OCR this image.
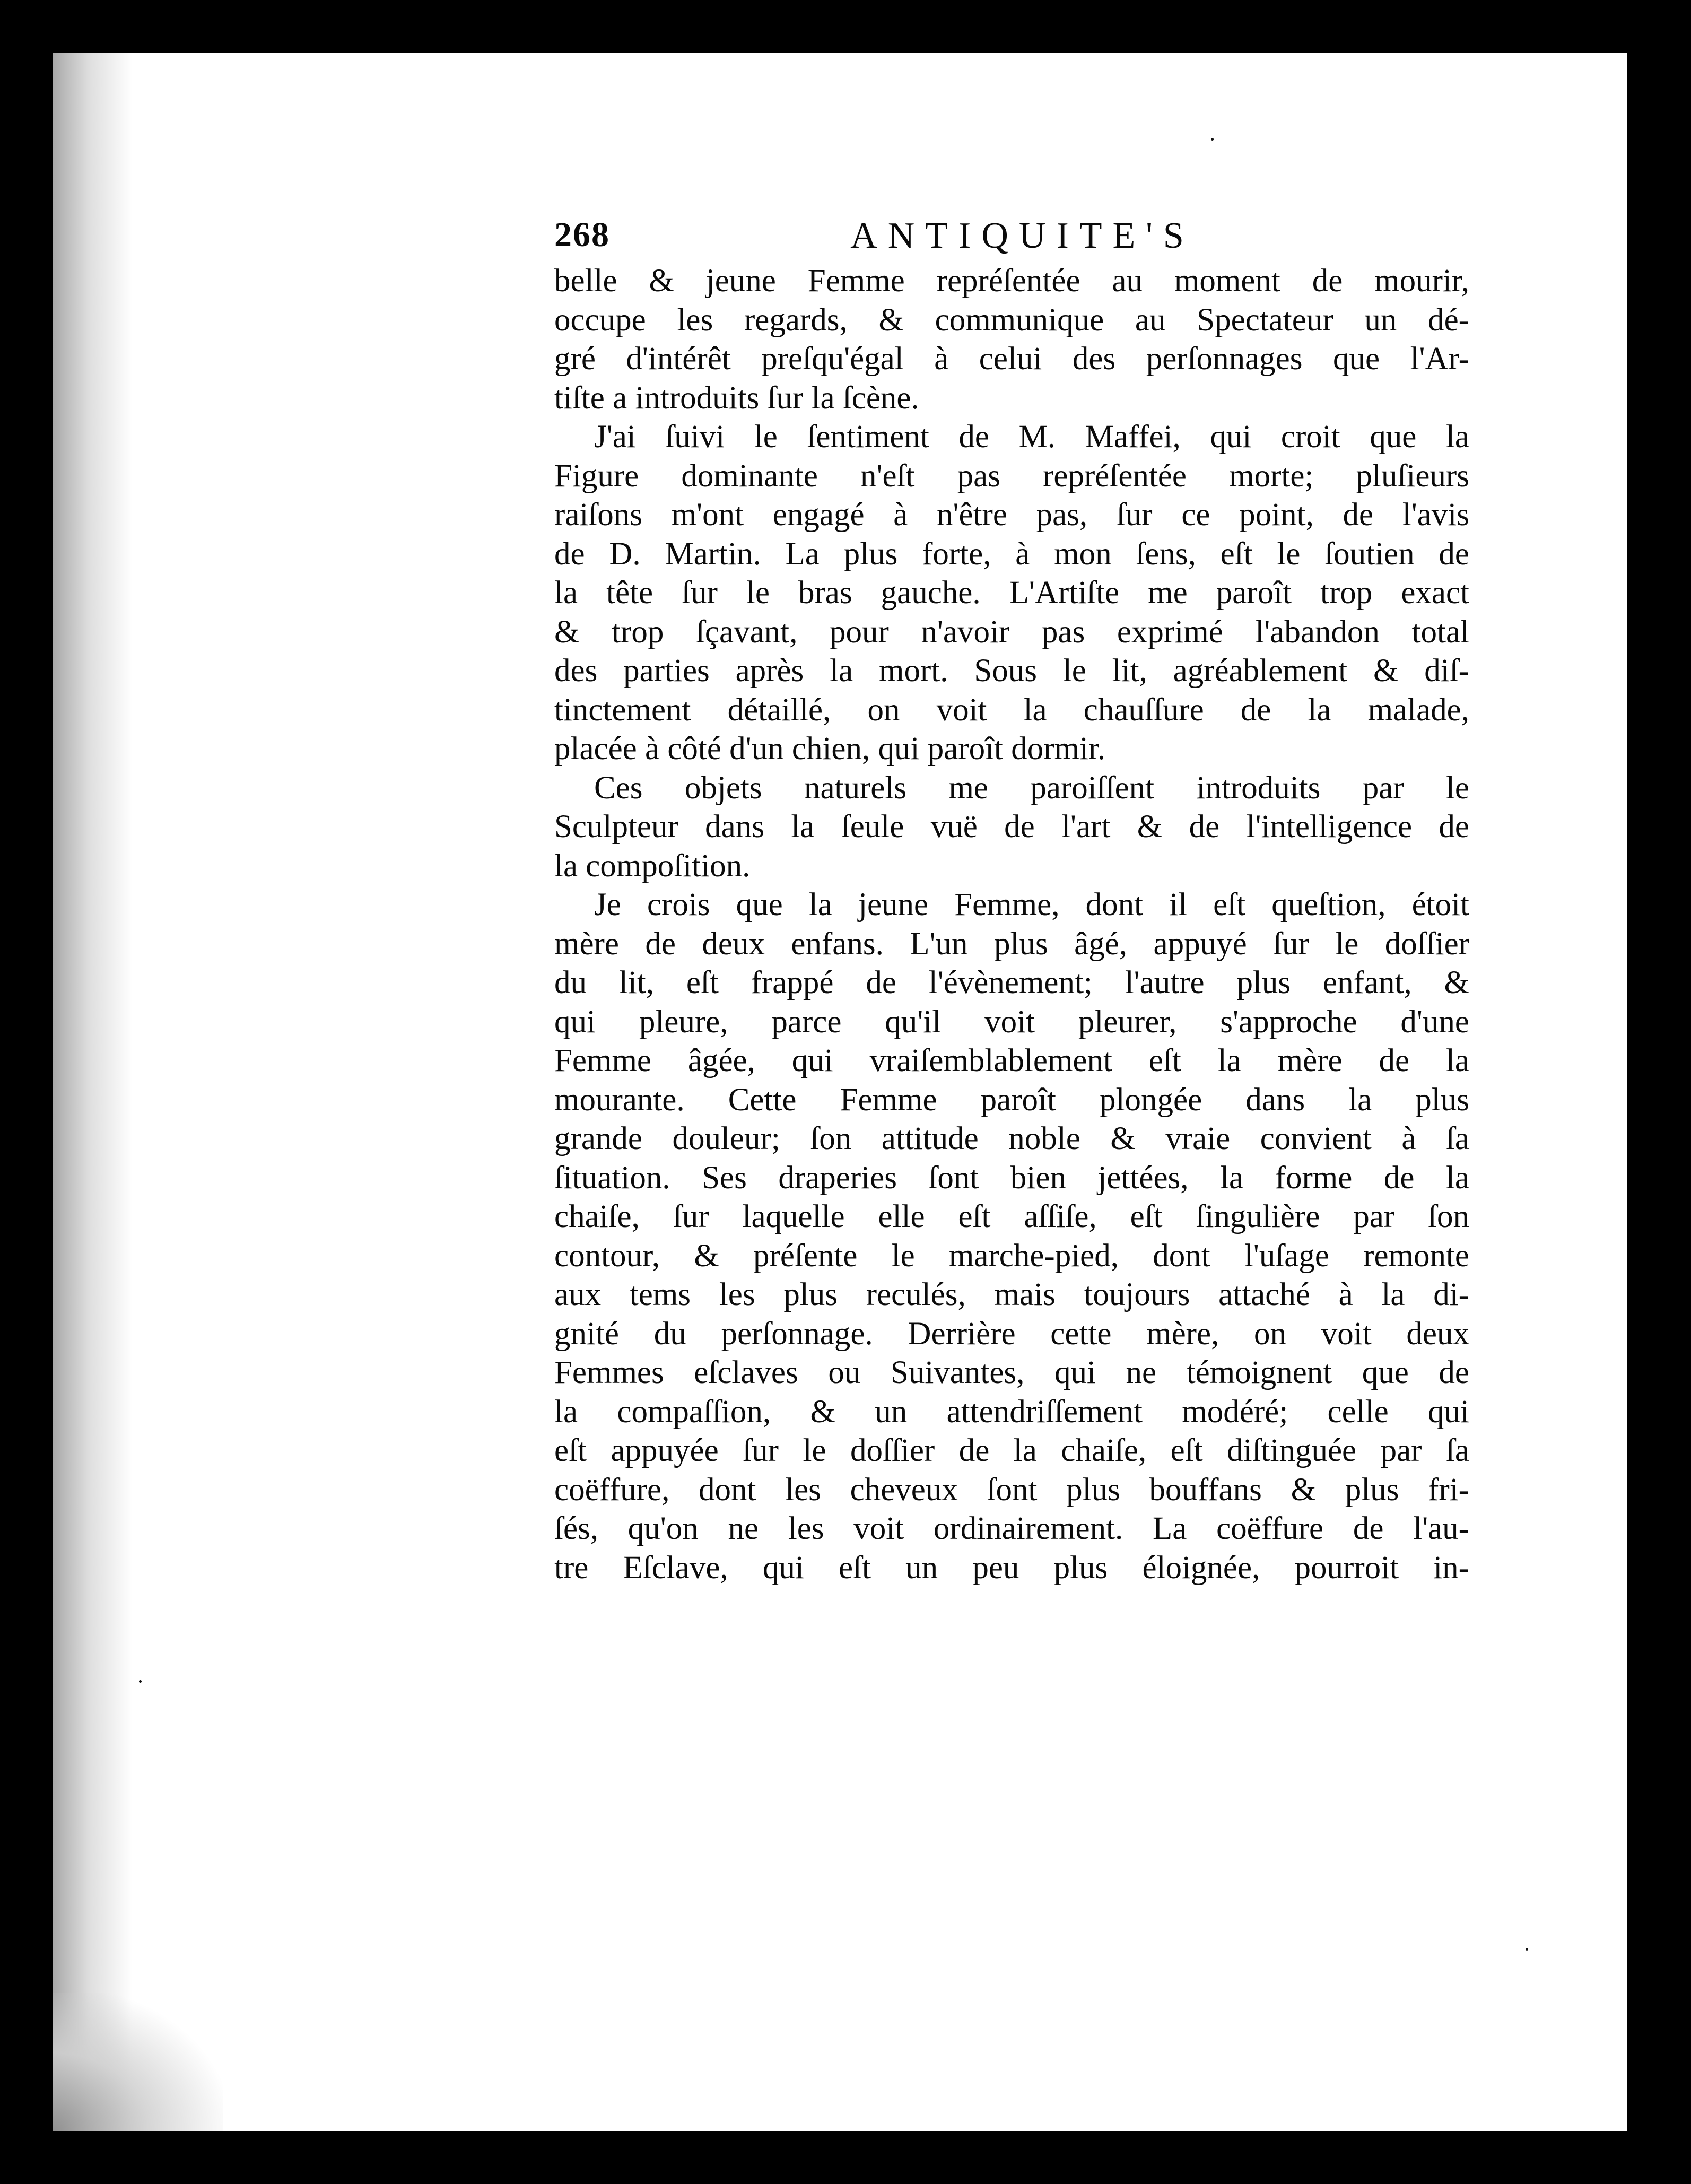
268	ANTIQUITE'S
belle & jeune Femme repréſentée au moment de mourir,
occupe les regards, & communique au Spectateur un dé-
gré d'intérêt preſqu'égal à celui des perſonnages que l'Ar-
tiſte a introduits ſur la ſcène.
J'ai ſuivi le ſentiment de M. Maffei, qui croit que la
Figure dominante n'eſt pas repréſentée morte; pluſieurs
raiſons m'ont engagé à n'être pas, ſur ce point, de l'avis
de D. Martin. La plus forte, à mon ſens, eſt le ſoutien de
la tête ſur le bras gauche. L'Artiſte me paroît trop exact
& trop ſçavant, pour n'avoir pas exprimé l'abandon total
des parties après la mort. Sous le lit, agréablement & diſ-
tinctement détaillé, on voit la chauſſure de la malade,
placée à côté d'un chien, qui paroît dormir.
Ces objets naturels me paroiſſent introduits par le
Sculpteur dans la ſeule vuë de l'art & de l'intelligence de
la compoſition.
Je crois que la jeune Femme, dont il eſt queſtion, étoit
mère de deux enfans. L'un plus âgé, appuyé ſur le doſſier
du lit, eſt frappé de l'évènement; l'autre plus enfant, &
qui pleure, parce qu'il voit pleurer, s'approche d'une
Femme âgée, qui vraiſemblablement eſt la mère de la
mourante. Cette Femme paroît plongée dans la plus
grande douleur; ſon attitude noble & vraie convient à ſa
ſituation. Ses draperies ſont bien jettées, la forme de la
chaiſe, ſur laquelle elle eſt aſſiſe, eſt ſingulière par ſon
contour, & préſente le marche-pied, dont l'uſage remonte
aux tems les plus reculés, mais toujours attaché à la di-
gnité du perſonnage. Derrière cette mère, on voit deux
Femmes eſclaves ou Suivantes, qui ne témoignent que de
la compaſſion, & un attendriſſement modéré; celle qui
eſt appuyée ſur le doſſier de la chaiſe, eſt diſtinguée par ſa
coëffure, dont les cheveux ſont plus bouffans & plus fri-
ſés, qu'on ne les voit ordinairement. La coëffure de l'au-
tre Eſclave, qui eſt un peu plus éloignée, pourroit in-
